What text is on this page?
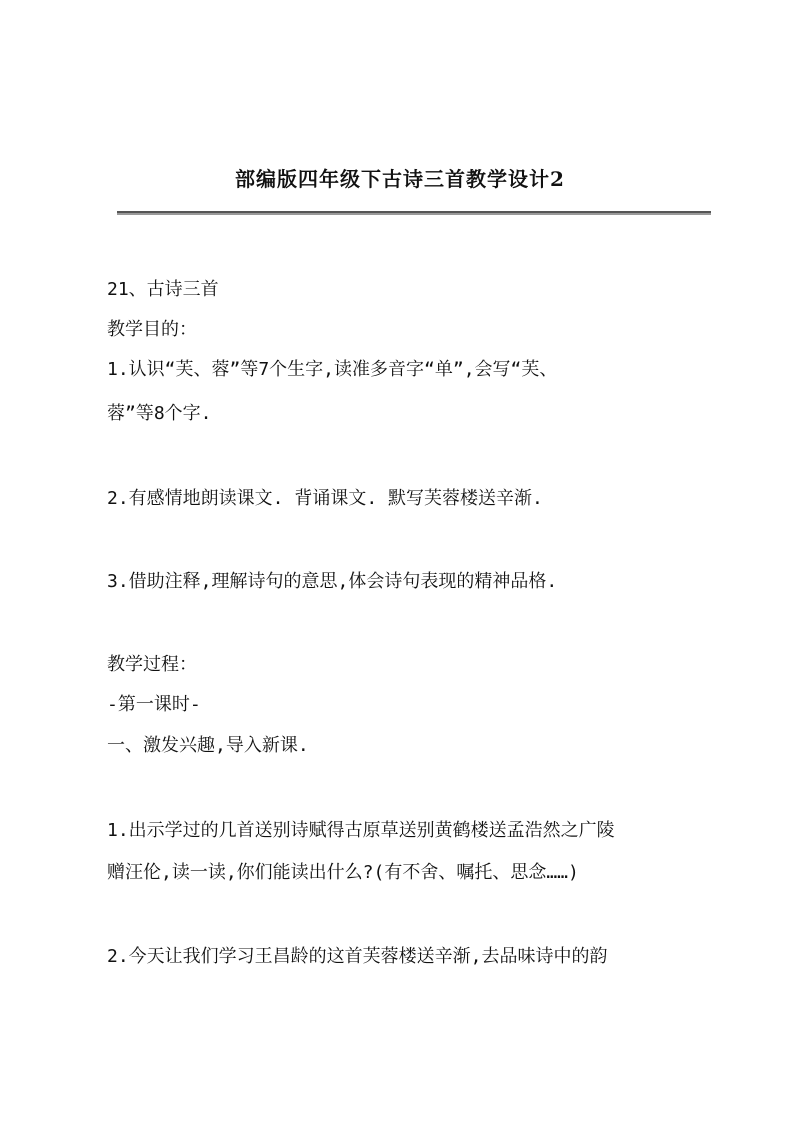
部编版四年级下古诗三首教学设计2
21、古诗三首
教学目的：
1.认识“芙、蓉”等7个生字,读准多音字“单”,会写“芙、
蓉”等8个字.
2.有感情地朗读课文. 背诵课文. 默写芙蓉楼送辛渐.
3.借助注释,理解诗句的意思,体会诗句表现的精神品格.
教学过程：
-第一课时-
一、激发兴趣,导入新课.
1.出示学过的几首送别诗赋得古原草送别黄鹤楼送孟浩然之广陵
赠汪伦,读一读,你们能读出什么?(有不舍、嘱托、思念……)
2.今天让我们学习王昌龄的这首芙蓉楼送辛渐,去品味诗中的韵
